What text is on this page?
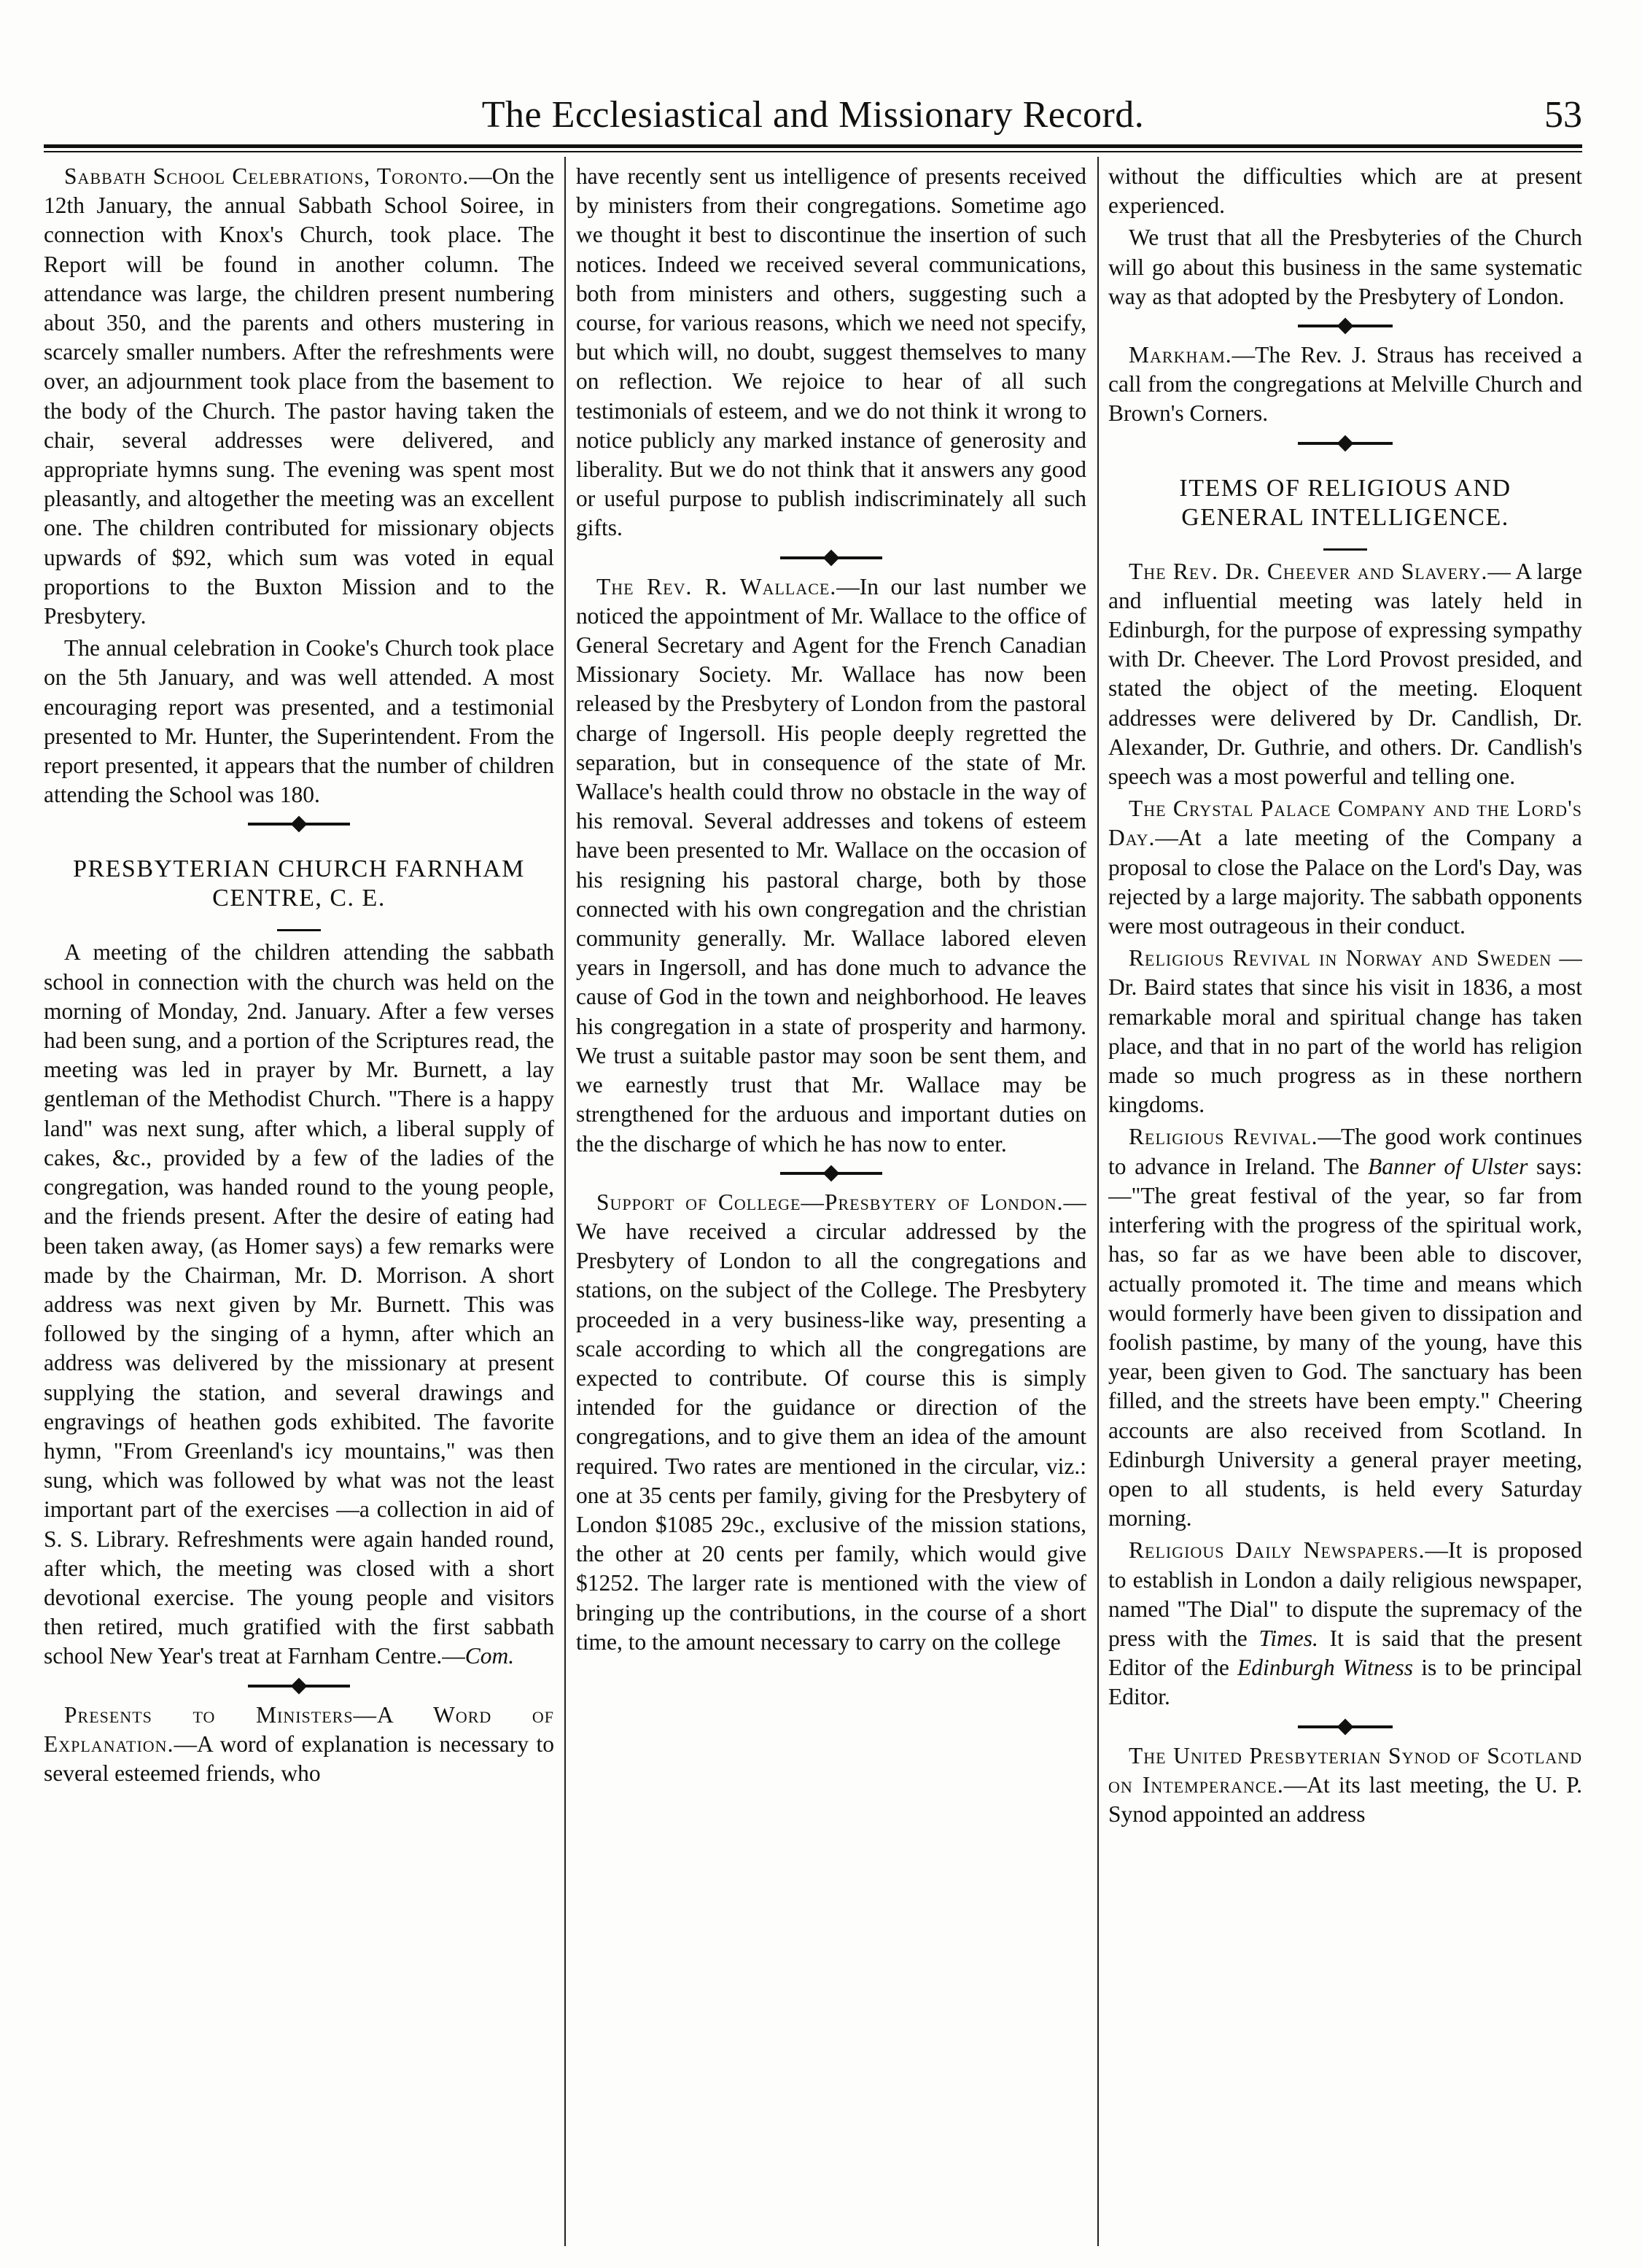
The Ecclesiastical and Missionary Record.	53

Sabbath School Celebrations, Toronto.—On the 12th January, the annual Sabbath School Soiree, in connection with Knox's Church, took place. The Report will be found in another column. The attendance was large, the children present numbering about 350, and the parents and others mustering in scarcely smaller numbers. After the refreshments were over, an adjournment took place from the basement to the body of the Church. The pastor having taken the chair, several addresses were delivered, and appropriate hymns sung. The evening was spent most pleasantly, and altogether the meeting was an excellent one. The children contributed for missionary objects upwards of $92, which sum was voted in equal proportions to the Buxton Mission and to the Presbytery.

The annual celebration in Cooke's Church took place on the 5th January, and was well attended. A most encouraging report was presented, and a testimonial presented to Mr. Hunter, the Superintendent. From the report presented, it appears that the number of children attending the School was 180.

PRESBYTERIAN CHURCH FARNHAM CENTRE, C. E.

A meeting of the children attending the sabbath school in connection with the church was held on the morning of Monday, 2nd. January. After a few verses had been sung, and a portion of the Scriptures read, the meeting was led in prayer by Mr. Burnett, a lay gentleman of the Methodist Church. "There is a happy land" was next sung, after which, a liberal supply of cakes, &c., provided by a few of the ladies of the congregation, was handed round to the young people, and the friends present. After the desire of eating had been taken away, (as Homer says) a few remarks were made by the Chairman, Mr. D. Morrison. A short address was next given by Mr. Burnett. This was followed by the singing of a hymn, after which an address was delivered by the missionary at present supplying the station, and several drawings and engravings of heathen gods exhibited. The favorite hymn, "From Greenland's icy mountains," was then sung, which was followed by what was not the least important part of the exercises —a collection in aid of S. S. Library. Refreshments were again handed round, after which, the meeting was closed with a short devotional exercise. The young people and visitors then retired, much gratified with the first sabbath school New Year's treat at Farnham Centre.—Com.

Presents to Ministers—A Word of Explanation.—A word of explanation is necessary to several esteemed friends, who

have recently sent us intelligence of presents received by ministers from their congregations. Sometime ago we thought it best to discontinue the insertion of such notices. Indeed we received several communications, both from ministers and others, suggesting such a course, for various reasons, which we need not specify, but which will, no doubt, suggest themselves to many on reflection. We rejoice to hear of all such testimonials of esteem, and we do not think it wrong to notice publicly any marked instance of generosity and liberality. But we do not think that it answers any good or useful purpose to publish indiscriminately all such gifts.

The Rev. R. Wallace.—In our last number we noticed the appointment of Mr. Wallace to the office of General Secretary and Agent for the French Canadian Missionary Society. Mr. Wallace has now been released by the Presbytery of London from the pastoral charge of Ingersoll. His people deeply regretted the separation, but in consequence of the state of Mr. Wallace's health could throw no obstacle in the way of his removal. Several addresses and tokens of esteem have been presented to Mr. Wallace on the occasion of his resigning his pastoral charge, both by those connected with his own congregation and the christian community generally. Mr. Wallace labored eleven years in Ingersoll, and has done much to advance the cause of God in the town and neighborhood. He leaves his congregation in a state of prosperity and harmony. We trust a suitable pastor may soon be sent them, and we earnestly trust that Mr. Wallace may be strengthened for the arduous and important duties on the the discharge of which he has now to enter.

Support of College—Presbytery of London.—We have received a circular addressed by the Presbytery of London to all the congregations and stations, on the subject of the College. The Presbytery proceeded in a very business-like way, presenting a scale according to which all the congregations are expected to contribute. Of course this is simply intended for the guidance or direction of the congregations, and to give them an idea of the amount required. Two rates are mentioned in the circular, viz.: one at 35 cents per family, giving for the Presbytery of London $1085 29c., exclusive of the mission stations, the other at 20 cents per family, which would give $1252. The larger rate is mentioned with the view of bringing up the contributions, in the course of a short time, to the amount necessary to carry on the college

without the difficulties which are at present experienced.

We trust that all the Presbyteries of the Church will go about this business in the same systematic way as that adopted by the Presbytery of London.

Markham.—The Rev. J. Straus has received a call from the congregations at Melville Church and Brown's Corners.

ITEMS OF RELIGIOUS AND GENERAL INTELLIGENCE.

The Rev. Dr. Cheever and Slavery.— A large and influential meeting was lately held in Edinburgh, for the purpose of expressing sympathy with Dr. Cheever. The Lord Provost presided, and stated the object of the meeting. Eloquent addresses were delivered by Dr. Candlish, Dr. Alexander, Dr. Guthrie, and others. Dr. Candlish's speech was a most powerful and telling one.

The Crystal Palace Company and the Lord's Day.—At a late meeting of the Company a proposal to close the Palace on the Lord's Day, was rejected by a large majority. The sabbath opponents were most outrageous in their conduct.

Religious Revival in Norway and Sweden —Dr. Baird states that since his visit in 1836, a most remarkable moral and spiritual change has taken place, and that in no part of the world has religion made so much progress as in these northern kingdoms.

Religious Revival.—The good work continues to advance in Ireland. The Banner of Ulster says:—"The great festival of the year, so far from interfering with the progress of the spiritual work, has, so far as we have been able to discover, actually promoted it. The time and means which would formerly have been given to dissipation and foolish pastime, by many of the young, have this year, been given to God. The sanctuary has been filled, and the streets have been empty." Cheering accounts are also received from Scotland. In Edinburgh University a general prayer meeting, open to all students, is held every Saturday morning.

Religious Daily Newspapers.—It is proposed to establish in London a daily religious newspaper, named "The Dial" to dispute the supremacy of the press with the Times. It is said that the present Editor of the Edinburgh Witness is to be principal Editor.

The United Presbyterian Synod of Scotland on Intemperance.—At its last meeting, the U. P. Synod appointed an address
